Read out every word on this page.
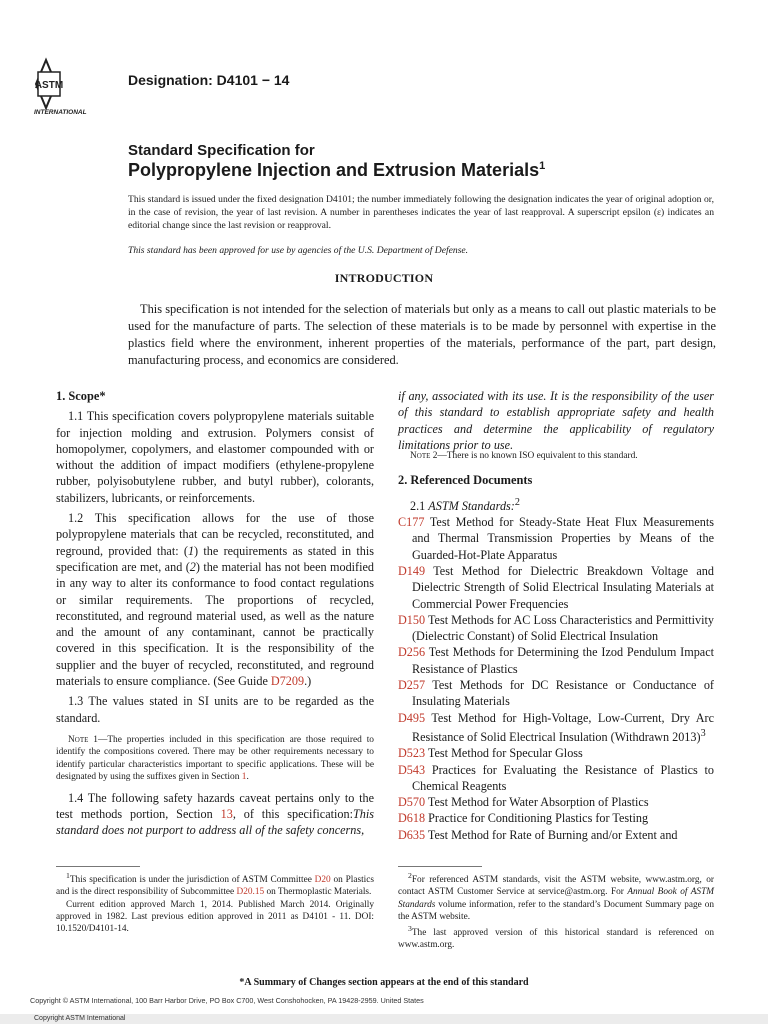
ASTM
INTERNATIONAL
Designation: D4101 − 14
Standard Specification for
Polypropylene Injection and Extrusion Materials$^1$
This standard is issued under the fixed designation D4101; the number immediately following the designation indicates the year of original adoption or, in the case of revision, the year of last revision. A number in parentheses indicates the year of last reapproval. A superscript epsilon (ε) indicates an editorial change since the last revision or reapproval.
This standard has been approved for use by agencies of the U.S. Department of Defense.
INTRODUCTION
This specification is not intended for the selection of materials but only as a means to call out plastic materials to be used for the manufacture of parts. The selection of these materials is to be made by personnel with expertise in the plastics field where the environment, inherent properties of the materials, performance of the part, part design, manufacturing process, and economics are considered.

1. Scope*

1.1 This specification covers polypropylene materials suitable for injection molding and extrusion. Polymers consist of homopolymer, copolymers, and elastomer compounded with or without the addition of impact modifiers (ethylene-propylene rubber, polyisobutylene rubber, and butyl rubber), colorants, stabilizers, lubricants, or reinforcements.

1.2 This specification allows for the use of those polypropylene materials that can be recycled, reconstituted, and reground, provided that: (1) the requirements as stated in this specification are met, and (2) the material has not been modified in any way to alter its conformance to food contact regulations or similar requirements. The proportions of recycled, reconstituted, and reground material used, as well as the nature and the amount of any contaminant, cannot be practically covered in this specification. It is the responsibility of the supplier and the buyer of recycled, reconstituted, and reground materials to ensure compliance. (See Guide D7209.)

1.3 The values stated in SI units are to be regarded as the standard.

Note 1—The properties included in this specification are those required to identify the compositions covered. There may be other requirements necessary to identify particular characteristics important to specific applications. These will be designated by using the suffixes given in Section 1.

1.4 The following safety hazards caveat pertains only to the test methods portion, Section 13, of this specification:This standard does not purport to address all of the safety concerns,

Note 2—There is no known ISO equivalent to this standard.

2. Referenced Documents

2.1 ASTM Standards:$^2$

C177 Test Method for Steady-State Heat Flux Measurements and Thermal Transmission Properties by Means of the Guarded-Hot-Plate Apparatus

D149 Test Method for Dielectric Breakdown Voltage and Dielectric Strength of Solid Electrical Insulating Materials at Commercial Power Frequencies

D150 Test Methods for AC Loss Characteristics and Permittivity (Dielectric Constant) of Solid Electrical Insulation

D256 Test Methods for Determining the Izod Pendulum Impact Resistance of Plastics

D257 Test Methods for DC Resistance or Conductance of Insulating Materials

D495 Test Method for High-Voltage, Low-Current, Dry Arc Resistance of Solid Electrical Insulation (Withdrawn 2013)$^3$

D523 Test Method for Specular Gloss

D543 Practices for Evaluating the Resistance of Plastics to Chemical Reagents

D570 Test Method for Water Absorption of Plastics

D618 Practice for Conditioning Plastics for Testing

D635 Test Method for Rate of Burning and/or Extent and

if any, associated with its use. It is the responsibility of the user of this standard to establish appropriate safety and health practices and determine the applicability of regulatory limitations prior to use.

$^1$This specification is under the jurisdiction of ASTM Committee D20 on Plastics and is the direct responsibility of Subcommittee D20.15 on Thermoplastic Materials.

Current edition approved March 1, 2014. Published March 2014. Originally approved in 1982. Last previous edition approved in 2011 as D4101 - 11. DOI: 10.1520/D4101-14.

$^2$For referenced ASTM standards, visit the ASTM website, www.astm.org, or contact ASTM Customer Service at service@astm.org. For Annual Book of ASTM Standards volume information, refer to the standard’s Document Summary page on the ASTM website.

$^3$The last approved version of this historical standard is referenced on www.astm.org.

*A Summary of Changes section appears at the end of this standard
Copyright © ASTM International, 100 Barr Harbor Drive, PO Box C700, West Conshohocken, PA 19428-2959. United States
Copyright ASTM International
